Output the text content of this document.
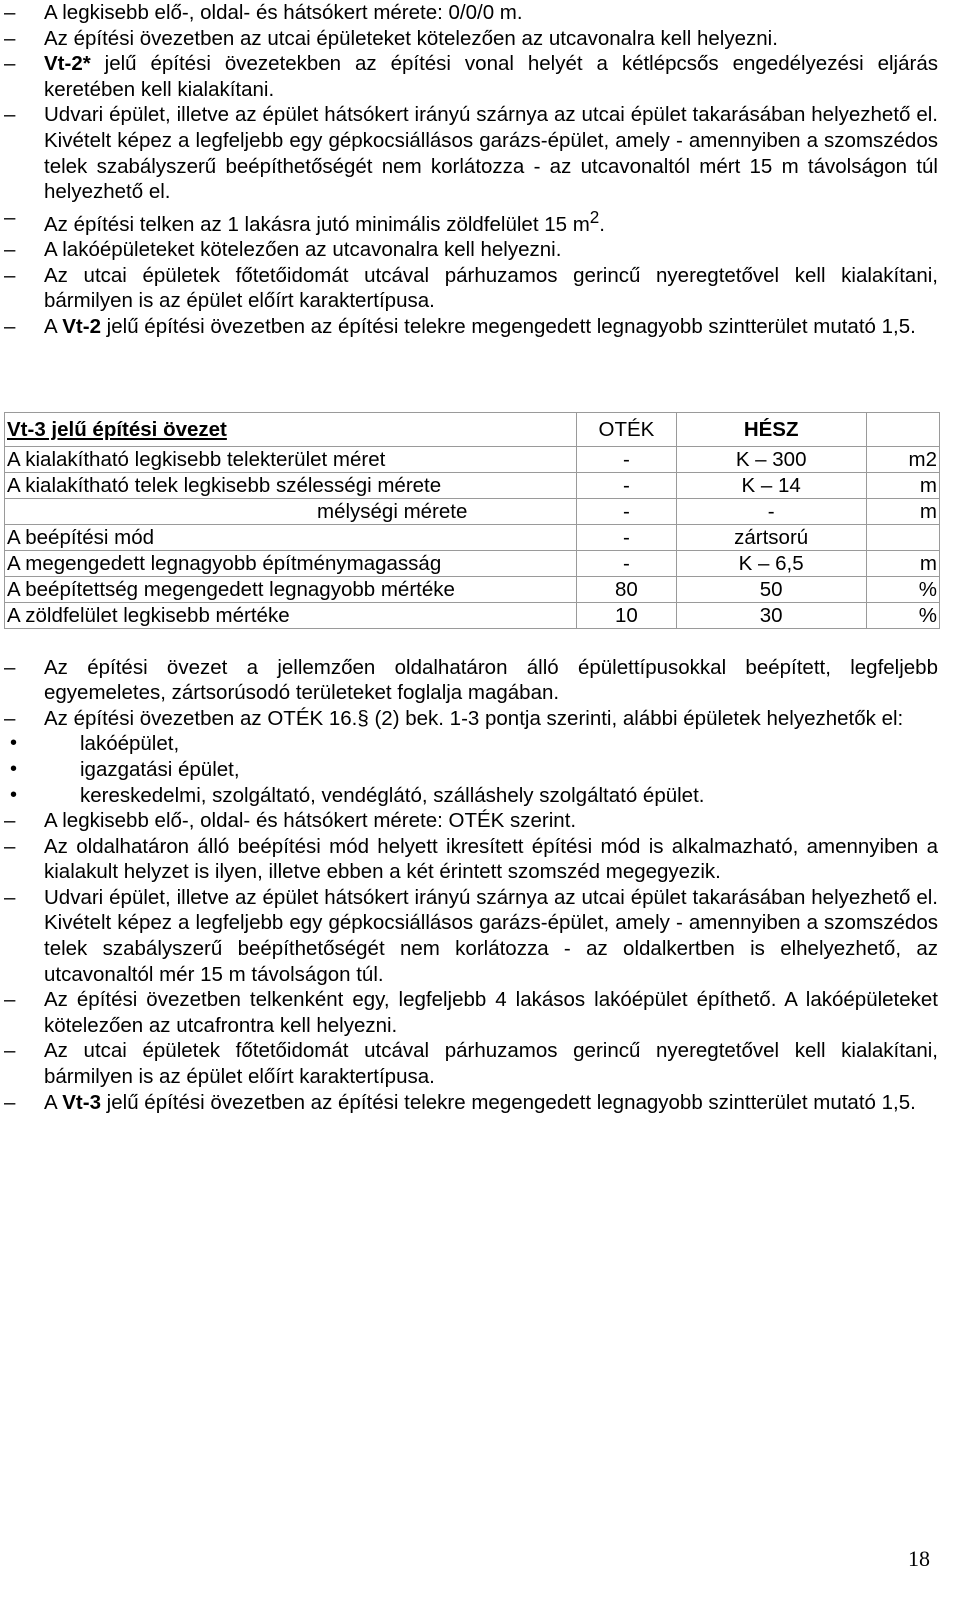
–	A legkisebb elő-, oldal- és hátsókert mérete: 0/0/0 m.
–	Az építési övezetben az utcai épületeket kötelezően az utcavonalra kell helyezni.
–	Vt-2* jelű építési övezetekben az építési vonal helyét a kétlépcsős engedélyezési eljárás keretében kell kialakítani.
–	Udvari épület, illetve az épület hátsókert irányú szárnya az utcai épület takarásában helyezhető el. Kivételt képez a legfeljebb egy gépkocsiállásos garázs-épület, amely - amennyiben a szomszédos telek szabályszerű beépíthetőségét nem korlátozza - az utcavonaltól mért 15 m távolságon túl helyezhető el.
–	Az építési telken az 1 lakásra jutó minimális zöldfelület 15 $m^2$.
–	A lakóépületeket kötelezően az utcavonalra kell helyezni.
–	Az utcai épületek főtetőidomát utcával párhuzamos gerincű nyeregtetővel kell kialakítani, bármilyen is az épület előírt karaktertípusa.
–	A Vt-2 jelű építési övezetben az építési telekre megengedett legnagyobb szintterület mutató 1,5.
Vt-3 jelű építési övezet	OTÉK	HÉSZ	
A kialakítható legkisebb telekterület méret	-	K – 300	m2
A kialakítható telek legkisebb szélességi mérete	-	K – 14	m
mélységi mérete	-	-	m
A beépítési mód	-	zártsorú	
A megengedett legnagyobb építménymagasság	-	K – 6,5	m
A beépítettség megengedett legnagyobb mértéke	80	50	%
A zöldfelület legkisebb mértéke	10	30	%
–	Az építési övezet a jellemzően oldalhatáron álló épülettípusokkal beépített, legfeljebb egyemeletes, zártsorúsodó területeket foglalja magában.
–	Az építési övezetben az OTÉK 16.§ (2) bek. 1-3 pontja szerinti, alábbi épületek helyezhetők el:
•	lakóépület,
•	igazgatási épület,
•	kereskedelmi, szolgáltató, vendéglátó, szálláshely szolgáltató épület.
–	A legkisebb elő-, oldal- és hátsókert mérete: OTÉK szerint.
–	Az oldalhatáron álló beépítési mód helyett ikresített építési mód is alkalmazható, amennyiben a kialakult helyzet is ilyen, illetve ebben a két érintett szomszéd megegyezik.
–	Udvari épület, illetve az épület hátsókert irányú szárnya az utcai épület takarásában helyezhető el. Kivételt képez a legfeljebb egy gépkocsiállásos garázs-épület, amely - amennyiben a szomszédos telek szabályszerű beépíthetőségét nem korlátozza - az oldalkertben is elhelyezhető, az utcavonaltól mér 15 m távolságon túl.
–	Az építési övezetben telkenként egy, legfeljebb 4 lakásos lakóépület építhető. A lakóépületeket kötelezően az utcafrontra kell helyezni.
–	Az utcai épületek főtetőidomát utcával párhuzamos gerincű nyeregtetővel kell kialakítani, bármilyen is az épület előírt karaktertípusa.
–	A Vt-3 jelű építési övezetben az építési telekre megengedett legnagyobb szintterület mutató 1,5.
18
